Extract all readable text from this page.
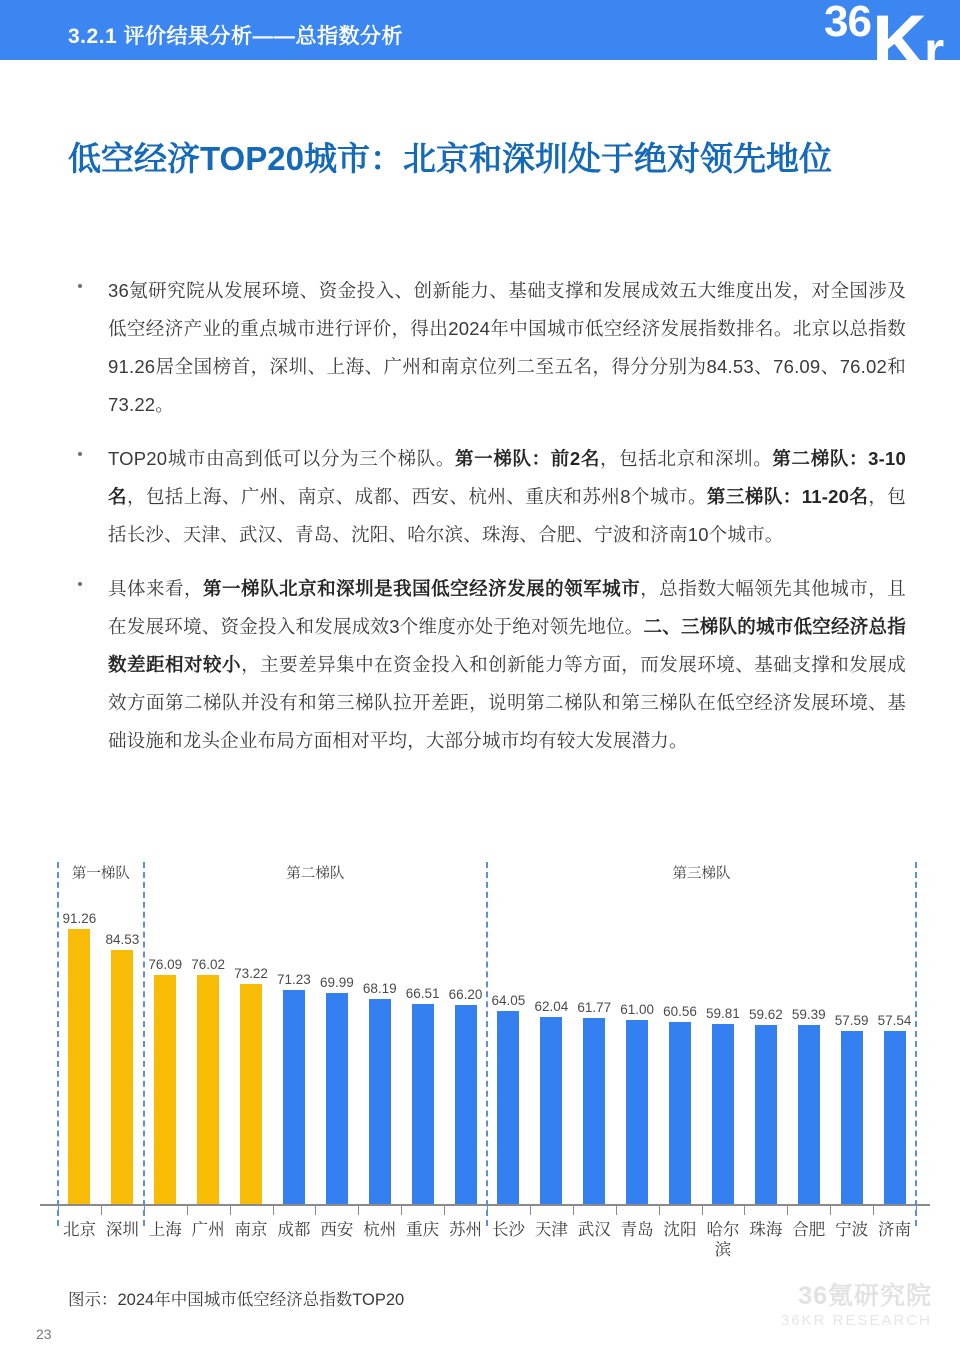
3.2.1 评价结果分析——总指数分析	36 K
r
低空经济TOP20城市：北京和深圳处于绝对领先地位
36氪研究院从发展环境、资金投入、创新能力、基础支撑和发展成效五大维度出发，对全国涉及低空经济产业的重点城市进行评价，得出2024年中国城市低空经济发展指数排名。北京以总指数91.26居全国榜首，深圳、上海、广州和南京位列二至五名，得分分别为84.53、76.09、76.02和73.22。
TOP20城市由高到低可以分为三个梯队。第一梯队：前2名，包括北京和深圳。第二梯队：3-10名，包括上海、广州、南京、成都、西安、杭州、重庆和苏州8个城市。第三梯队：11-20名，包括长沙、天津、武汉、青岛、沈阳、哈尔滨、珠海、合肥、宁波和济南10个城市。
具体来看，第一梯队北京和深圳是我国低空经济发展的领军城市，总指数大幅领先其他城市，且在发展环境、资金投入和发展成效3个维度亦处于绝对领先地位。二、三梯队的城市低空经济总指数差距相对较小，主要差异集中在资金投入和创新能力等方面，而发展环境、基础支撑和发展成效方面第二梯队并没有和第三梯队拉开差距，说明第二梯队和第三梯队在低空经济发展环境、基础设施和龙头企业布局方面相对平均，大部分城市均有较大发展潜力。
第一梯队	第二梯队	第三梯队
91.26
84.53
76.09 76.02
73.22 71.23 69.99 68.19 66.51 66.20 64.05 62.04 61.77 61.00 60.56 59.81 59.62 59.39 57.59 57.54
北京 深圳 上海 广州 南京 成都 西安 杭州 重庆 苏州 长沙 天津 武汉 青岛 沈阳 哈尔滨
珠海 合肥 宁波 济南
图示：2024年中国城市低空经济总指数TOP20
23
36氪研究院
36KR RESEARCH
